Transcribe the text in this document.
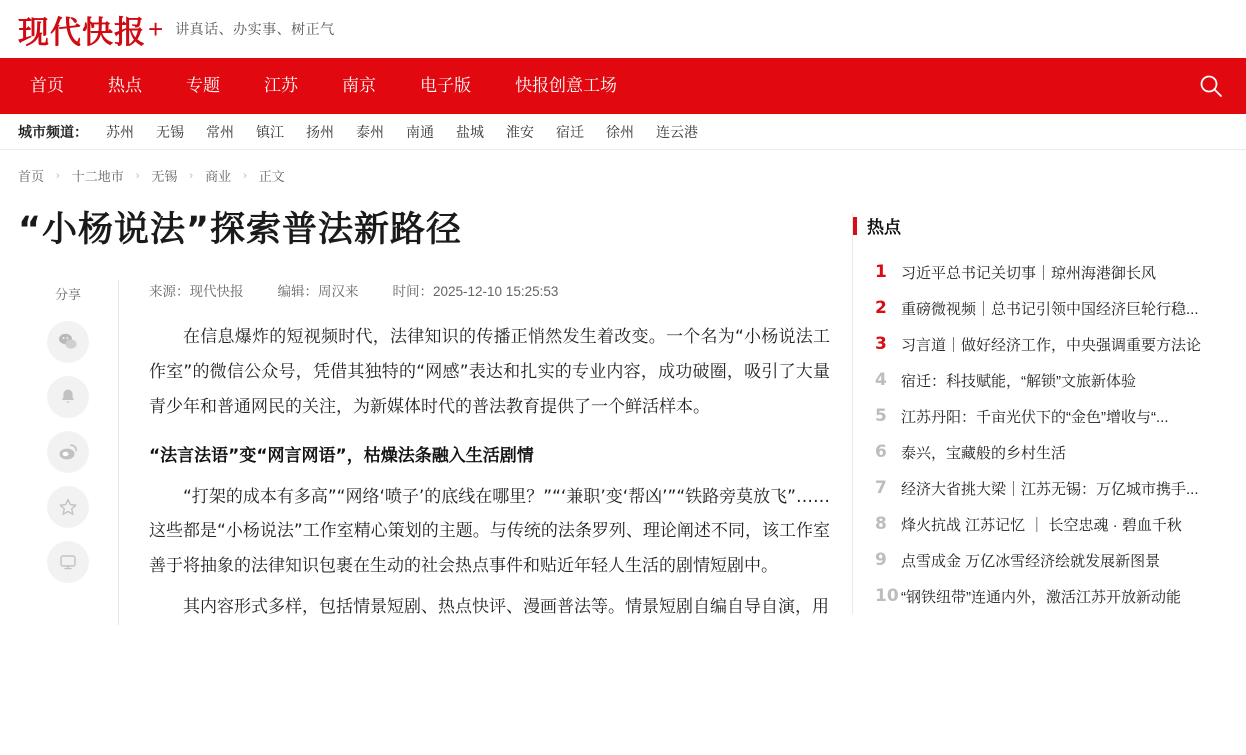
现代快报 + 讲真话、办实事、树正气
首页	热点	专题	江苏	南京	电子版	快报创意工场
城市频道： 苏州 无锡 常州 镇江 扬州 泰州 南通 盐城 淮安 宿迁 徐州 连云港
首页 › 十二地市 › 无锡 › 商业 › 正文
“小杨说法”探索普法新路径
分享	来源：现代快报	编辑：周汉来	时间：2025-12-10 15:25:53

在信息爆炸的短视频时代，法律知识的传播正悄然发生着改变。一个名为“小杨说法工作室”的微信公众号，凭借其独特的“网感”表达和扎实的专业内容，成功破圈，吸引了大量青少年和普通网民的关注，为新媒体时代的普法教育提供了一个鲜活样本。

“法言法语”变“网言网语”，枯燥法条融入生活剧情

“打架的成本有多高”“网络‘喷子’的底线在哪里？”“‘兼职’变‘帮凶’”“铁路旁莫放飞”……这些都是“小杨说法”工作室精心策划的主题。与传统的法条罗列、理论阐述不同，该工作室善于将抽象的法律知识包裹在生动的社会热点事件和贴近年轻人生活的剧情短剧中。

其内容形式多样，包括情景短剧、热点快评、漫画普法等。情景短剧自编自导自演，用

热点
1 习近平总书记关切事｜琼州海港御长风
2 重磅微视频｜总书记引领中国经济巨轮行稳...
3 习言道｜做好经济工作，中央强调重要方法论
4 宿迁：科技赋能，“解锁”文旅新体验
5 江苏丹阳：千亩光伏下的“金色”增收与“...
6 泰兴，宝藏般的乡村生活
7 经济大省挑大梁｜江苏无锡：万亿城市携手...
8 烽火抗战 江苏记忆 ｜ 长空忠魂 · 碧血千秋
9 点雪成金 万亿冰雪经济绘就发展新图景
10 “钢铁纽带”连通内外，激活江苏开放新动能
